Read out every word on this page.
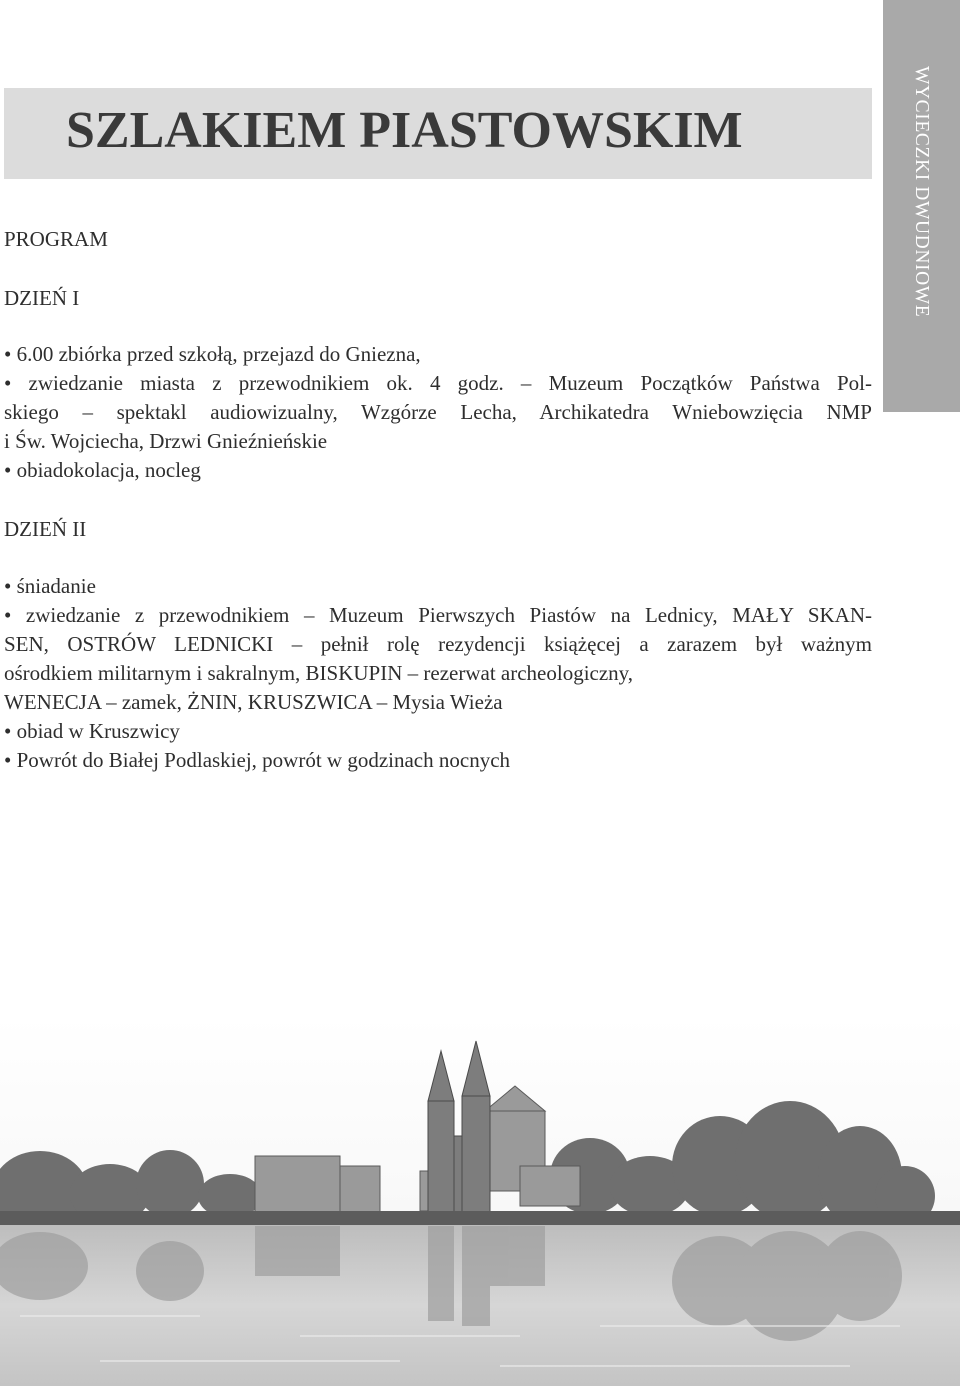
WYCIECZKI DWUDNIOWE
SZLAKIEM PIASTOWSKIM
PROGRAM
DZIEŃ I
• 6.00 zbiórka przed szkołą, przejazd do Gniezna,
• zwiedzanie miasta z przewodnikiem ok. 4 godz. – Muzeum Początków Państwa Pol-
skiego – spektakl audiowizualny, Wzgórze Lecha, Archikatedra Wniebowzięcia NMP
i Św. Wojciecha, Drzwi Gnieźnieńskie
• obiadokolacja, nocleg
DZIEŃ II
• śniadanie
• zwiedzanie z przewodnikiem – Muzeum Pierwszych Piastów na Lednicy, MAŁY SKAN-
SEN, OSTRÓW LEDNICKI – pełnił rolę rezydencji książęcej a zarazem był ważnym
ośrodkiem militarnym i sakralnym, BISKUPIN – rezerwat archeologiczny,
WENECJA – zamek, ŻNIN, KRUSZWICA – Mysia Wieża
• obiad w Kruszwicy
• Powrót do Białej Podlaskiej, powrót w godzinach nocnych
